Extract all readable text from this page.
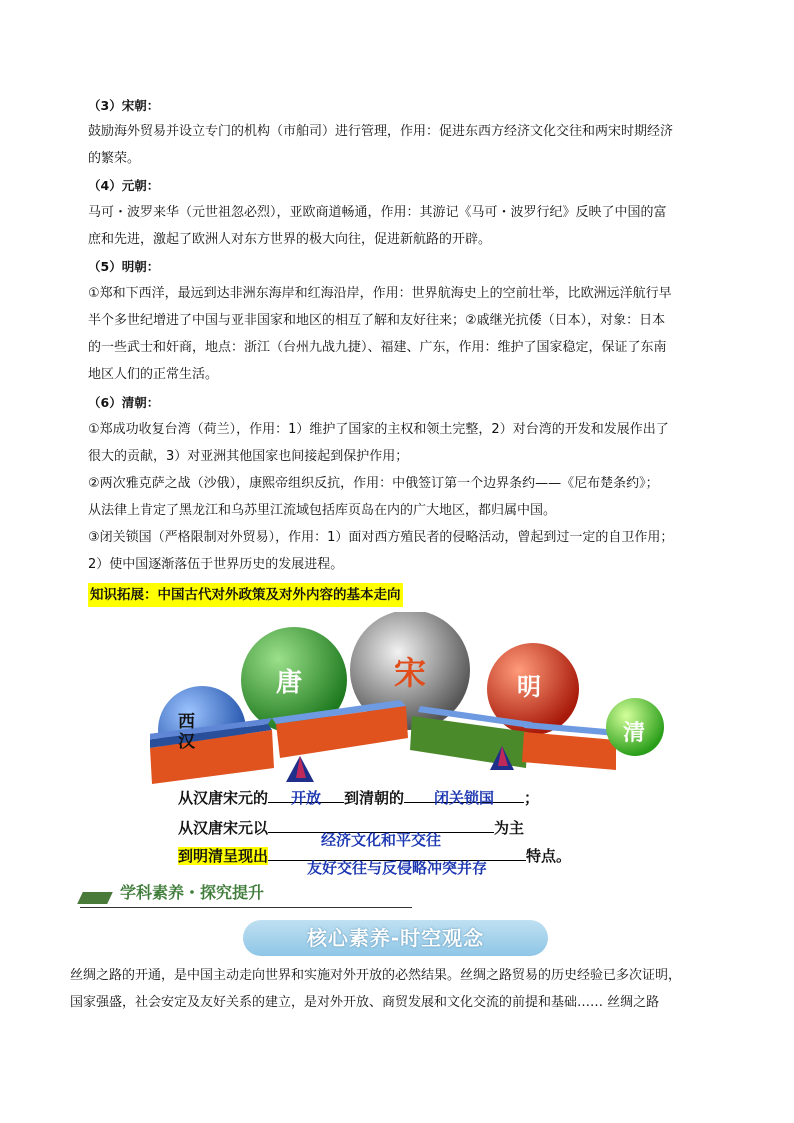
（3）宋朝：

鼓励海外贸易并设立专门的机构（市舶司）进行管理，作用：促进东西方经济文化交往和两宋时期经济
的繁荣。

（4）元朝：

马可・波罗来华（元世祖忽必烈），亚欧商道畅通，作用：其游记《马可・波罗行纪》反映了中国的富
庶和先进，激起了欧洲人对东方世界的极大向往，促进新航路的开辟。

（5）明朝：

①郑和下西洋，最远到达非洲东海岸和红海沿岸，作用：世界航海史上的空前壮举，比欧洲远洋航行早
半个多世纪增进了中国与亚非国家和地区的相互了解和友好往来；②戚继光抗倭（日本），对象：日本
的一些武士和奸商，地点：浙江（台州九战九捷）、福建、广东，作用：维护了国家稳定，保证了东南
地区人们的正常生活。

（6）清朝：

①郑成功收复台湾（荷兰），作用：1）维护了国家的主权和领土完整，2）对台湾的开发和发展作出了
很大的贡献，3）对亚洲其他国家也间接起到保护作用；
②两次雅克萨之战（沙俄），康熙帝组织反抗，作用：中俄签订第一个边界条约——《尼布楚条约》；
从法律上肯定了黑龙江和乌苏里江流域包括库页岛在内的广大地区，都归属中国。
③闭关锁国（严格限制对外贸易），作用：1）面对西方殖民者的侵略活动，曾起到过一定的自卫作用；
2）使中国逐渐落伍于世界历史的发展进程。
知识拓展：中国古代对外政策及对外内容的基本走向
西汉
唐	宋	明
清
从汉唐宋元的	开放	到清朝的	闭关锁国	；
从汉唐宋元以
经济文化和平交往
为主
到明清呈现出
友好交往与反侵略冲突并存
特点。
学科素养・探究提升
核心素养-时空观念
丝绸之路的开通，是中国主动走向世界和实施对外开放的必然结果。丝绸之路贸易的历史经验已多次证明，
国家强盛，社会安定及友好关系的建立，是对外开放、商贸发展和文化交流的前提和基础…… 丝绸之路
